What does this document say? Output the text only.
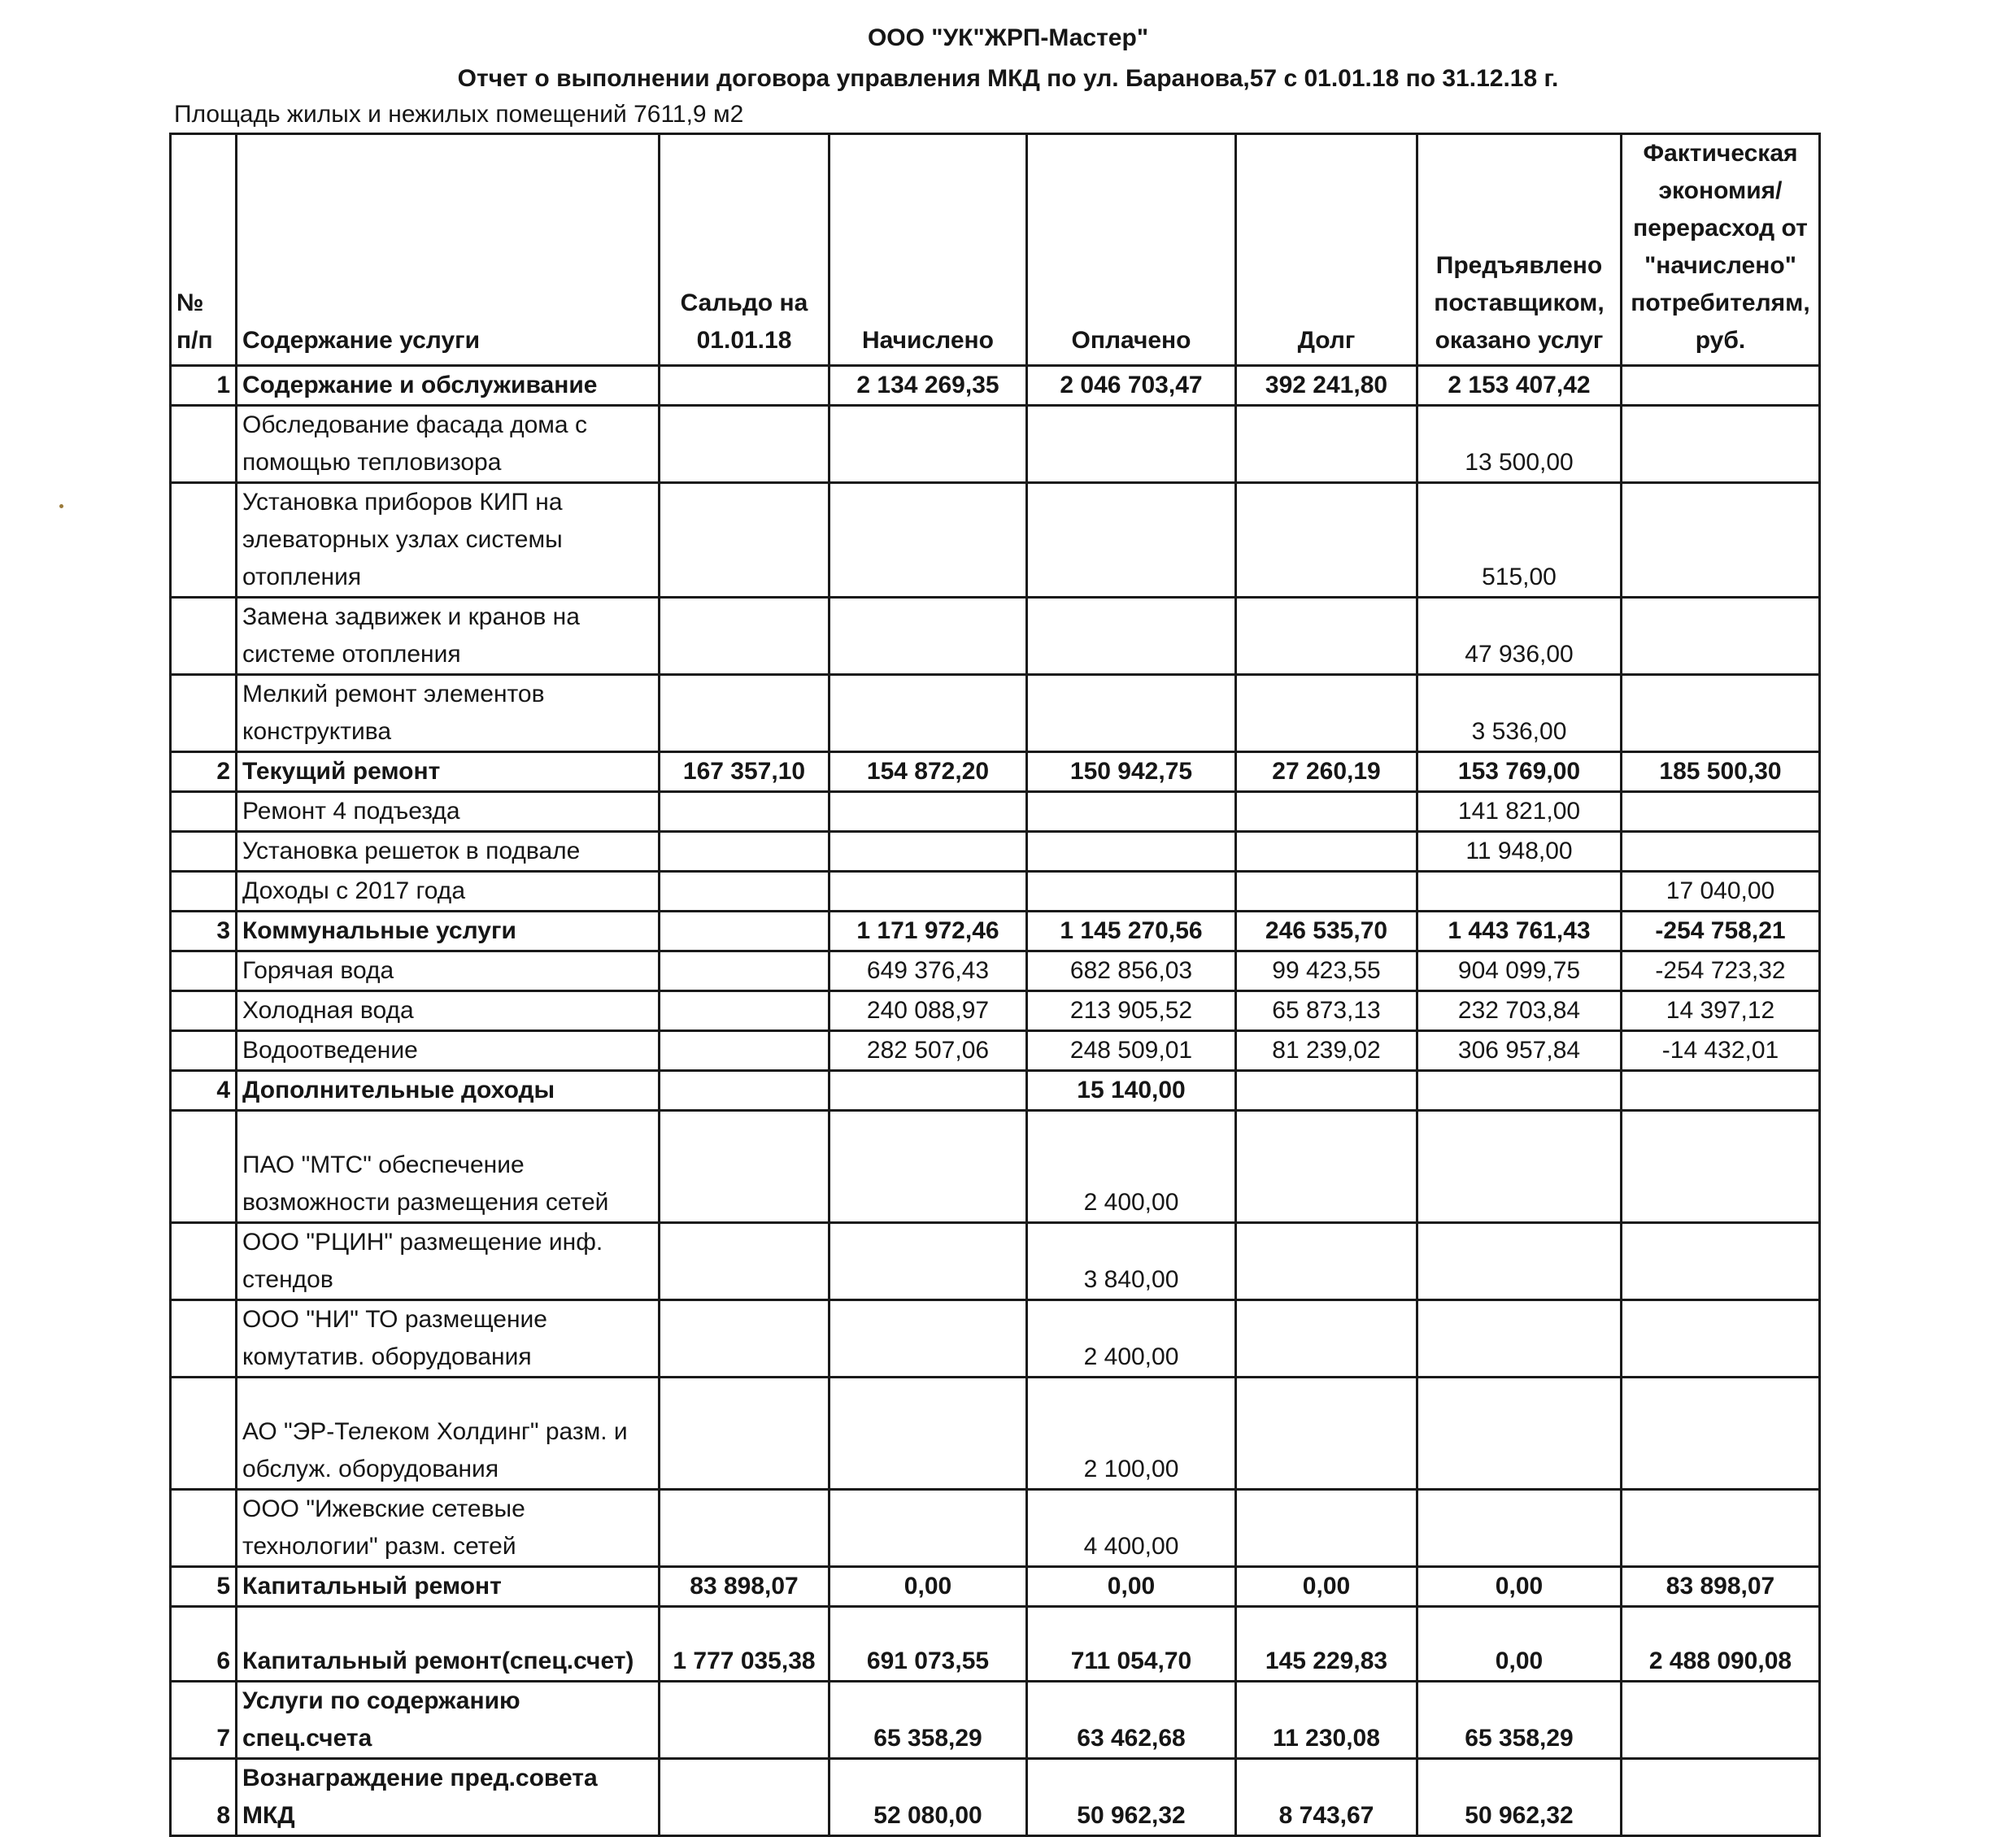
ООО "УК"ЖРП-Мастер"
Отчет о выполнении договора управления МКД по ул. Баранова,57 с 01.01.18 по 31.12.18 г.
Площадь жилых и нежилых помещений 7611,9 м2
№ п/п	Содержание услуги	Сальдо на 01.01.18	Начислено	Оплачено	Долг	Предъявлено поставщиком, оказано услуг	Фактическая экономия/перерасход от "начислено" потребителям, руб.
1	Содержание и обслуживание		2 134 269,35	2 046 703,47	392 241,80	2 153 407,42	
	Обследование фасада дома с помощью тепловизора					13 500,00	
	Установка приборов КИП на элеваторных узлах системы отопления					515,00	
	Замена задвижек и кранов на системе отопления					47 936,00	
	Мелкий ремонт элементов конструктива					3 536,00	
2	Текущий ремонт	167 357,10	154 872,20	150 942,75	27 260,19	153 769,00	185 500,30
	Ремонт 4 подъезда					141 821,00	
	Установка решеток в подвале					11 948,00	
	Доходы с 2017 года						17 040,00
3	Коммунальные услуги		1 171 972,46	1 145 270,56	246 535,70	1 443 761,43	-254 758,21
	Горячая вода		649 376,43	682 856,03	99 423,55	904 099,75	-254 723,32
	Холодная вода		240 088,97	213 905,52	65 873,13	232 703,84	14 397,12
	Водоотведение		282 507,06	248 509,01	81 239,02	306 957,84	-14 432,01
4	Дополнительные доходы			15 140,00			
	ПАО "МТС" обеспечение возможности размещения сетей			2 400,00			
	ООО "РЦИН" размещение инф. стендов			3 840,00			
	ООО "НИ" ТО размещение комутатив. оборудования			2 400,00			
	АО "ЭР-Телеком Холдинг" разм. и обслуж. оборудования			2 100,00			
	ООО "Ижевские сетевые технологии" разм. сетей			4 400,00			
5	Капитальный ремонт	83 898,07	0,00	0,00	0,00	0,00	83 898,07
6	Капитальный ремонт(спец.счет)	1 777 035,38	691 073,55	711 054,70	145 229,83	0,00	2 488 090,08
7	Услуги по содержанию спец.счета		65 358,29	63 462,68	11 230,08	65 358,29	
8	Вознаграждение пред.совета МКД		52 080,00	50 962,32	8 743,67	50 962,32	
